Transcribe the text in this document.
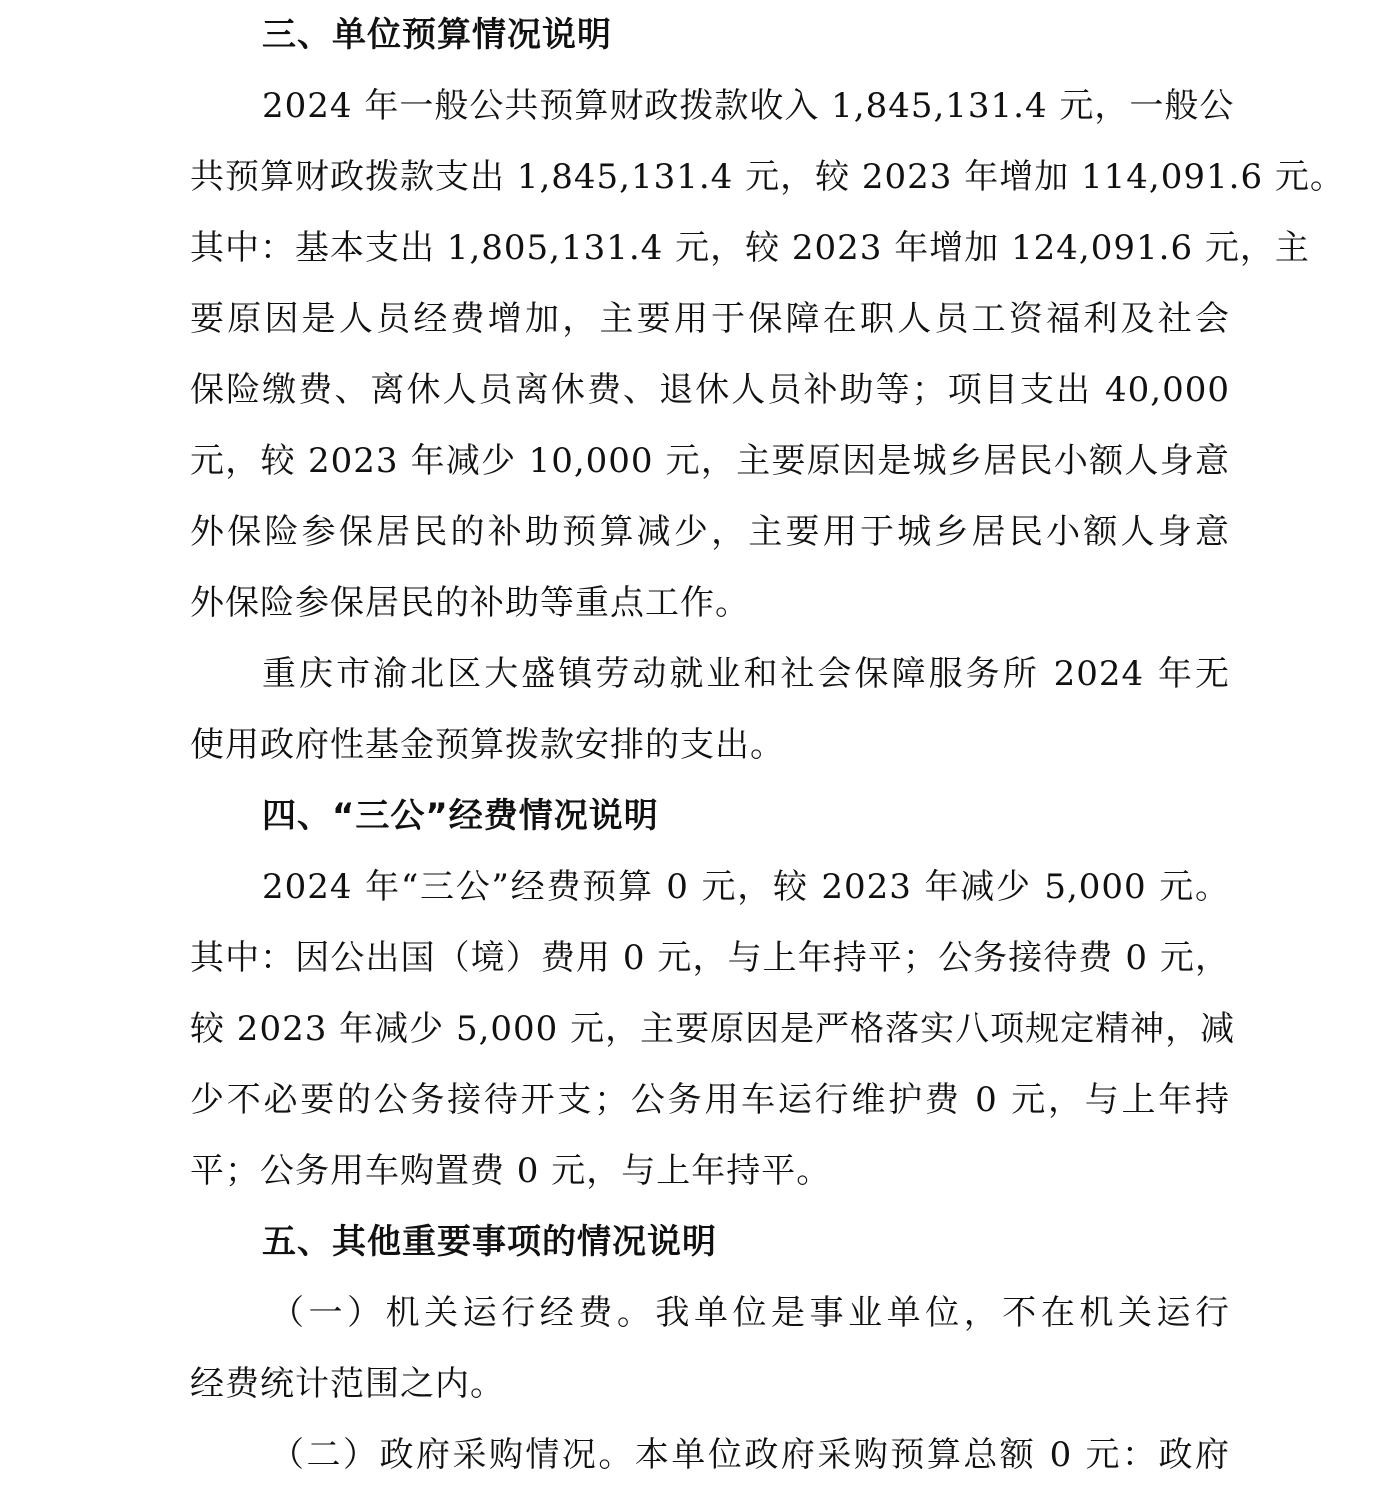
三、单位预算情况说明
2024 年一般公共预算财政拨款收入 1,845,131.4 元，一般公
共预算财政拨款支出 1,845,131.4 元，较 2023 年增加 114,091.6 元。
其中：基本支出 1,805,131.4 元，较 2023 年增加 124,091.6 元，主
要原因是人员经费增加，主要用于保障在职人员工资福利及社会
保险缴费、离休人员离休费、退休人员补助等；项目支出 40,000
元，较 2023 年减少 10,000 元，主要原因是城乡居民小额人身意
外保险参保居民的补助预算减少，主要用于城乡居民小额人身意
外保险参保居民的补助等重点工作。
重庆市渝北区大盛镇劳动就业和社会保障服务所 2024 年无
使用政府性基金预算拨款安排的支出。
四、“三公”经费情况说明
2024 年“三公”经费预算 0 元，较 2023 年减少 5,000 元。
其中：因公出国（境）费用 0 元，与上年持平；公务接待费 0 元，
较 2023 年减少 5,000 元，主要原因是严格落实八项规定精神，减
少不必要的公务接待开支；公务用车运行维护费 0 元，与上年持
平；公务用车购置费 0 元，与上年持平。
五、其他重要事项的情况说明
（一）机关运行经费。我单位是事业单位，不在机关运行
经费统计范围之内。
（二）政府采购情况。本单位政府采购预算总额 0 元：政府
